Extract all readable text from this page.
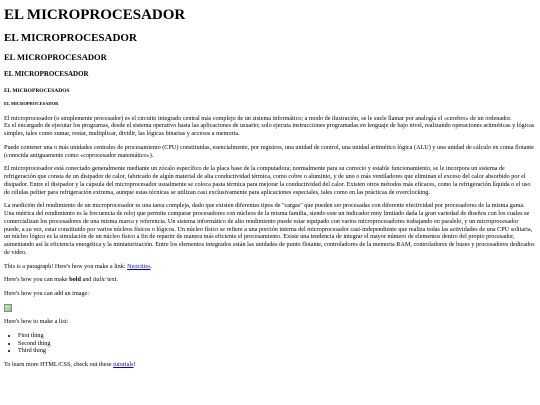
EL MICROPROCESADOR
EL MICROPROCESADOR
EL MICROPROCESADOR
EL MICROPROCESADOR
EL MICROPROCESADOS
EL MICROPROCESADOR

El microprocesador (o simplemente procesador) es el circuito integrado central más complejo de un sistema informático; a modo de ilustración, se le suele llamar por analogía el «cerebro» de un ordenador.
Es el encargado de ejecutar los programas, desde el sistema operativo hasta las aplicaciones de usuario; solo ejecuta instrucciones programadas en lenguaje de bajo nivel, realizando operaciones aritméticas y lógicas simples, tales como sumar, restar, multiplicar, dividir, las lógicas binarias y accesos a memoria.

Puede contener una o más unidades centrales de procesamiento (CPU) constituidas, esencialmente, por registros, una unidad de control, una unidad aritmético lógica (ALU) y una unidad de cálculo en coma flotante (conocida antiguamente como «coprocesador matemático»).

El microprocesador está conectado generalmente mediante un zócalo específico de la placa base de la computadora; normalmente para su correcto y estable funcionamiento, se le incorpora un sistema de refrigeración que consta de un disipador de calor, fabricado de algún material de alta conductividad térmica, como cobre o aluminio, y de uno o más ventiladores que eliminan el exceso del calor absorbido por el disipador. Entre el disipador y la cápsula del microprocesador usualmente se coloca pasta térmica para mejorar la conductividad del calor. Existen otros métodos más eficaces, como la refrigeración líquida o el uso de células peltier para refrigeración extrema, aunque estas técnicas se utilizan casi exclusivamente para aplicaciones especiales, tales como en las prácticas de overclocking.

La medición del rendimiento de un microprocesador es una tarea compleja, dado que existen diferentes tipos de "cargas" que pueden ser procesadas con diferente efectividad por procesadores de la misma gama. Una métrica del rendimiento es la frecuencia de reloj que permite comparar procesadores con núcleos de la misma familia, siendo este un indicador muy limitado dada la gran variedad de diseños con los cuales se comercializan los procesadores de una misma marca y referencia. Un sistema informático de alto rendimiento puede estar equipado con varios microprocesadores trabajando en paralelo, y un microprocesador puede, a su vez, estar constituido por varios núcleos físicos o lógicos. Un núcleo físico se refiere a una porción interna del microprocesador casi-independiente que realiza todas las actividades de una CPU solitaria, un núcleo lógico es la simulación de un núcleo físico a fin de repartir de manera más eficiente el procesamiento. Existe una tendencia de integrar el mayor número de elementos dentro del propio procesador, aumentando así la eficiencia energética y la miniaturización. Entre los elementos integrados están las unidades de punto flotante, controladores de la memoria RAM, controladores de buses y procesadores dedicados de video.

This is a paragraph! Here's how you make a link: Neocities.

Here's how you can make bold and italic text.

Here's how you can add an image:

Here's how to make a list:

• First thing
• Second thing
• Third thing

To learn more HTML/CSS, check out these tutorials!
